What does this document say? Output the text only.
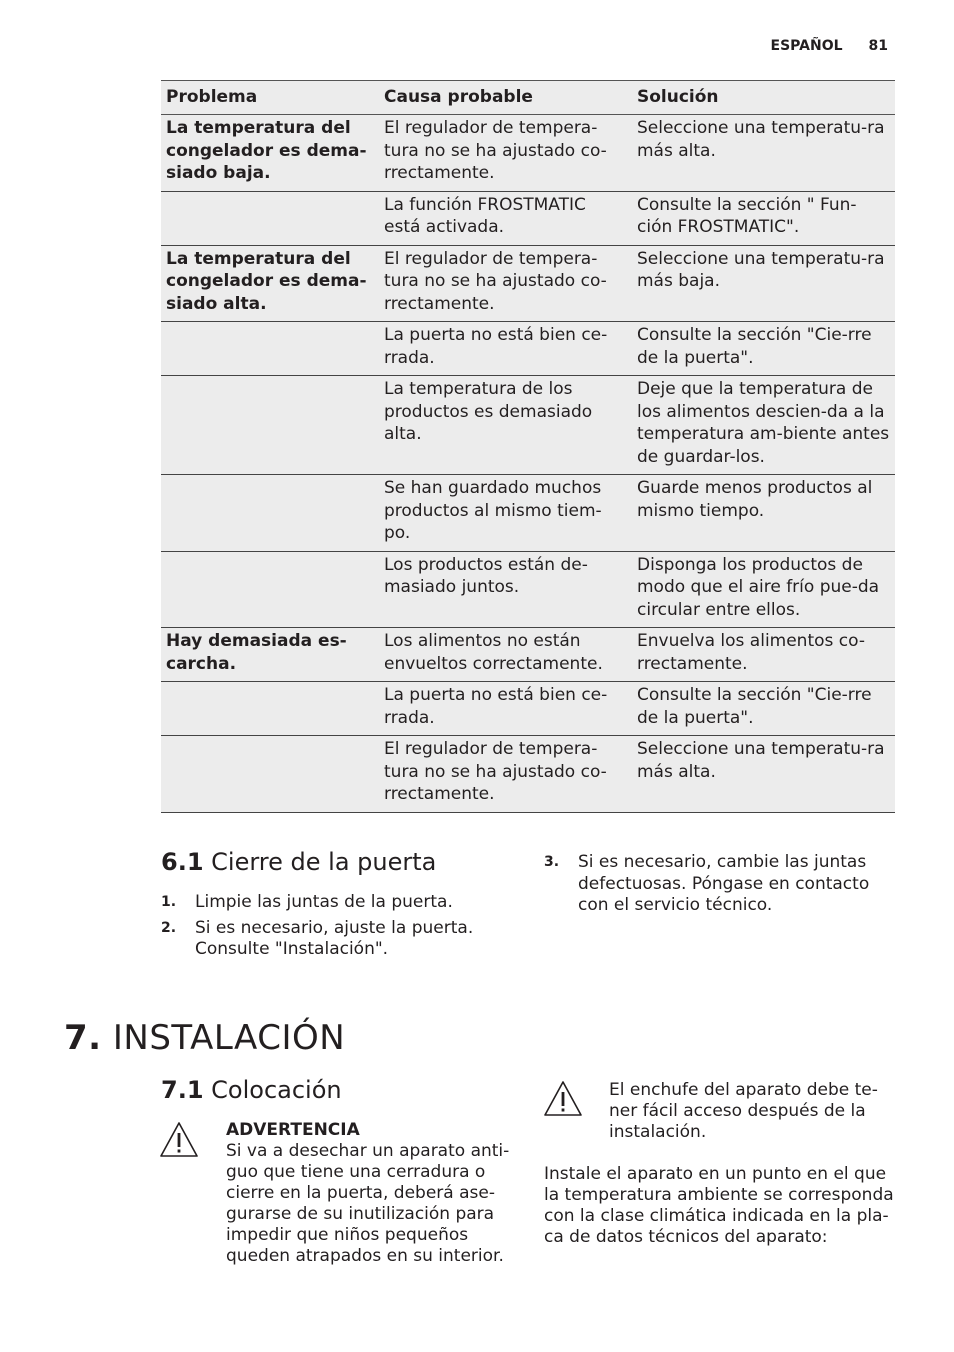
ESPAÑOL 81
Problema	Causa probable	Solución
La temperatura del congelador es dema-siado baja.	El regulador de tempera-tura no se ha ajustado co-rrectamente.	Seleccione una temperatu-ra más alta.
	La función FROSTMATIC está activada.	Consulte la sección " Fun-ción FROSTMATIC".
La temperatura del congelador es dema-siado alta.	El regulador de tempera-tura no se ha ajustado co-rrectamente.	Seleccione una temperatu-ra más baja.
	La puerta no está bien ce-rrada.	Consulte la sección "Cie-rre de la puerta".
	La temperatura de los productos es demasiado alta.	Deje que la temperatura de los alimentos descien-da a la temperatura am-biente antes de guardar-los.
	Se han guardado muchos productos al mismo tiem-po.	Guarde menos productos al mismo tiempo.
	Los productos están de-masiado juntos.	Disponga los productos de modo que el aire frío pue-da circular entre ellos.
Hay demasiada es-carcha.	Los alimentos no están envueltos correctamente.	Envuelva los alimentos co-rrectamente.
	La puerta no está bien ce-rrada.	Consulte la sección "Cie-rre de la puerta".
	El regulador de tempera-tura no se ha ajustado co-rrectamente.	Seleccione una temperatu-ra más alta.
6.1 Cierre de la puerta
1. Limpie las juntas de la puerta.
2. Si es necesario, ajuste la puerta. Consulte "Instalación".
3. Si es necesario, cambie las juntas defectuosas. Póngase en contacto con el servicio técnico.
7. INSTALACIÓN
7.1 Colocación
ADVERTENCIA
Si va a desechar un aparato anti-guo que tiene una cerradura o cierre en la puerta, deberá ase-gurarse de su inutilización para impedir que niños pequeños queden atrapados en su interior.
El enchufe del aparato debe te-ner fácil acceso después de la instalación.
Instale el aparato en un punto en el que la temperatura ambiente se corresponda con la clase climática indicada en la pla-ca de datos técnicos del aparato:
